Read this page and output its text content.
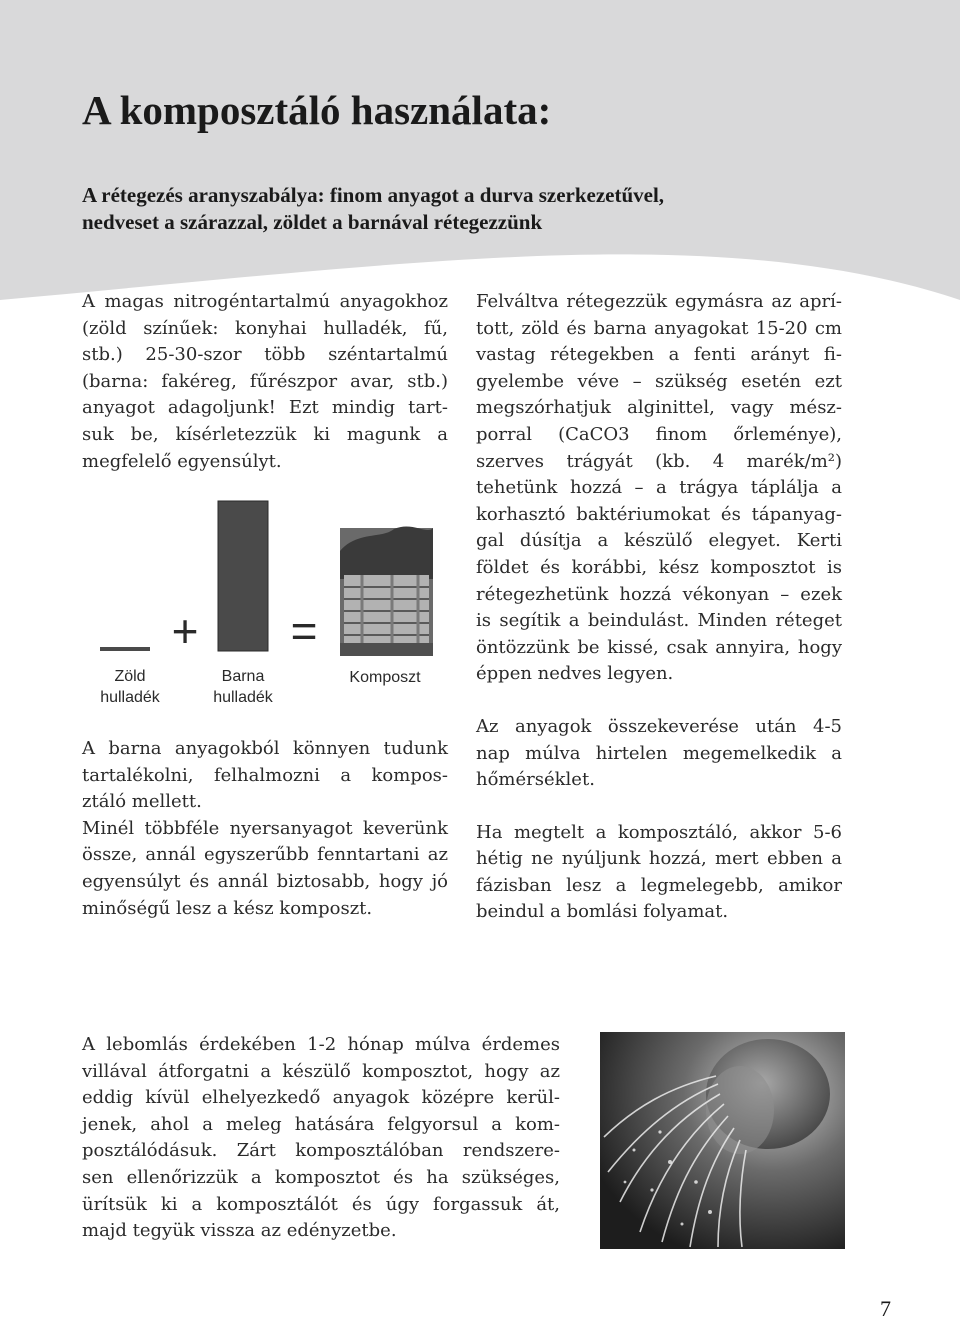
A komposztáló használata:
A rétegezés aranyszabálya: finom anyagot a durva szerkezetűvel,
nedveset a szárazzal, zöldet a barnával rétegezzünk
A magas nitrogéntartalmú anyagokhoz
(zöld színűek: konyhai hulladék, fű,
stb.) 25-30-szor több széntartalmú
(barna: fakéreg, fűrészpor avar, stb.)
anyagot adagoljunk! Ezt mindig tart-
suk be, kísérletezzük ki magunk a
megfelelő egyensúlyt.
+ =
Zöld
hulladék
Barna
hulladék
Komposzt
A barna anyagokból könnyen tudunk
tartalékolni, felhalmozni a kompos-
ztáló mellett.
Minél többféle nyersanyagot keverünk
össze, annál egyszerűbb fenntartani az
egyensúlyt és annál biztosabb, hogy jó
minőségű lesz a kész komposzt.
Felváltva rétegezzük egymásra az aprí-
tott, zöld és barna anyagokat 15-20 cm
vastag rétegekben a fenti arányt fi-
gyelembe véve – szükség esetén ezt
megszórhatjuk alginittel, vagy mész-
porral (CaCO3 finom őrleménye),
szerves trágyát (kb. 4 marék/m²)
tehetünk hozzá – a trágya táplálja a
korhasztó baktériumokat és tápanyag-
gal dúsítja a készülő elegyet. Kerti
földet és korábbi, kész komposztot is
rétegezhetünk hozzá vékonyan – ezek
is segítik a beindulást. Minden réteget
öntözzünk be kissé, csak annyira, hogy
éppen nedves legyen.
Az anyagok összekeverése után 4-5
nap múlva hirtelen megemelkedik a
hőmérséklet.
Ha megtelt a komposztáló, akkor 5-6
hétig ne nyúljunk hozzá, mert ebben a
fázisban lesz a legmelegebb, amikor
beindul a bomlási folyamat.
A lebomlás érdekében 1-2 hónap múlva érdemes
villával átforgatni a készülő komposztot, hogy az
eddig kívül elhelyezkedő anyagok középre kerül-
jenek, ahol a meleg hatására felgyorsul a kom-
posztálódásuk. Zárt komposztálóban rendszere-
sen ellenőrizzük a komposztot és ha szükséges,
ürítsük ki a komposztálót és úgy forgassuk át,
majd tegyük vissza az edényzetbe.
7
